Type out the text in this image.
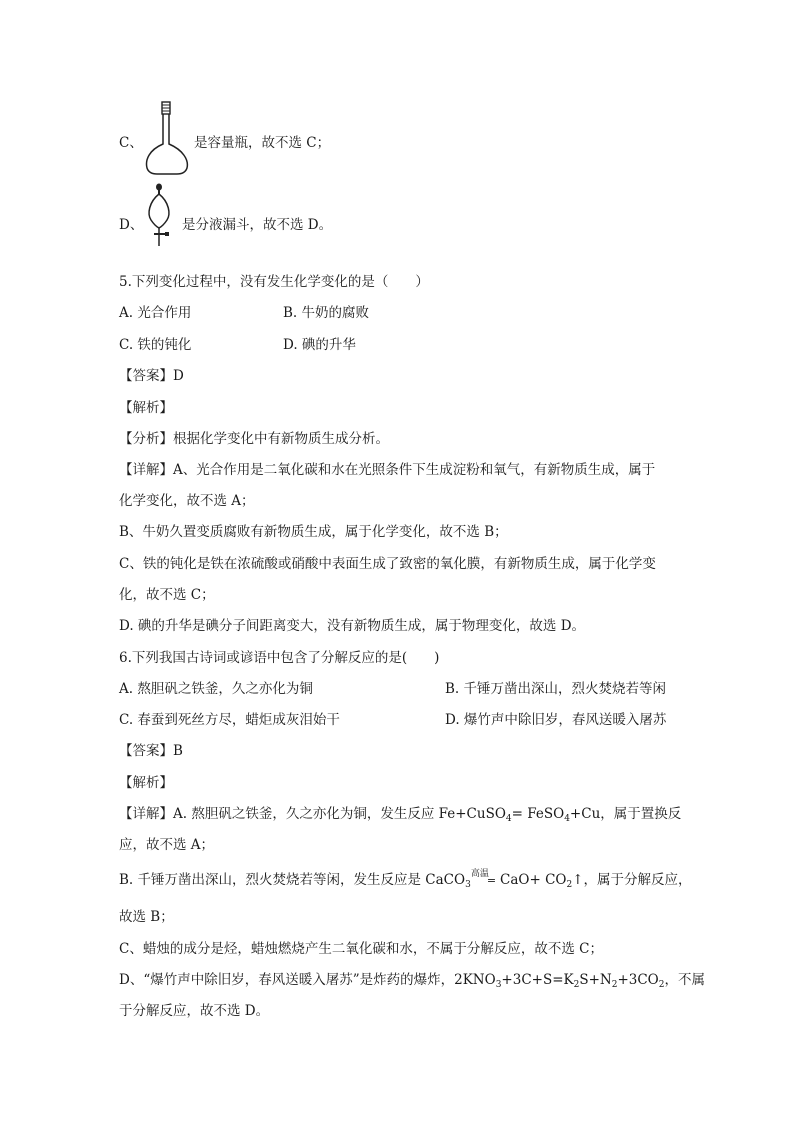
C、	是容量瓶，故不选 C；
D、	是分液漏斗，故不选 D。
5.下列变化过程中，没有发生化学变化的是（　　）
A. 光合作用	B. 牛奶的腐败
C. 铁的钝化	D. 碘的升华
【答案】D
【解析】
【分析】根据化学变化中有新物质生成分析。
【详解】A、光合作用是二氧化碳和水在光照条件下生成淀粉和氧气，有新物质生成，属于
化学变化，故不选 A；
B、牛奶久置变质腐败有新物质生成，属于化学变化，故不选 B；
C、铁的钝化是铁在浓硫酸或硝酸中表面生成了致密的氧化膜，有新物质生成，属于化学变
化，故不选 C；
D. 碘的升华是碘分子间距离变大，没有新物质生成，属于物理变化，故选 D。
6.下列我国古诗词或谚语中包含了分解反应的是(　　)
A. 熬胆矾之铁釜，久之亦化为铜	B. 千锤万凿出深山，烈火焚烧若等闲
C. 春蚕到死丝方尽，蜡炬成灰泪始干	D. 爆竹声中除旧岁，春风送暖入屠苏
【答案】B
【解析】
【详解】A. 熬胆矾之铁釜，久之亦化为铜，发生反应 Fe+CuSO$_4$= FeSO$_4$+Cu，属于置换反
应，故不选 A；
B. 千锤万凿出深山，烈火焚烧若等闲，发生反应是 CaCO$_3^{高温}$= $CaO+ CO_2↑$，属于分解反应，
故选 B；
C、蜡烛的成分是烃，蜡烛燃烧产生二氧化碳和水，不属于分解反应，故不选 C；
D、“爆竹声中除旧岁，春风送暖入屠苏”是炸药的爆炸，$2KNO_3+3C+S=K_2S+N_2+3CO_2$，不属
于分解反应，故不选 D。
